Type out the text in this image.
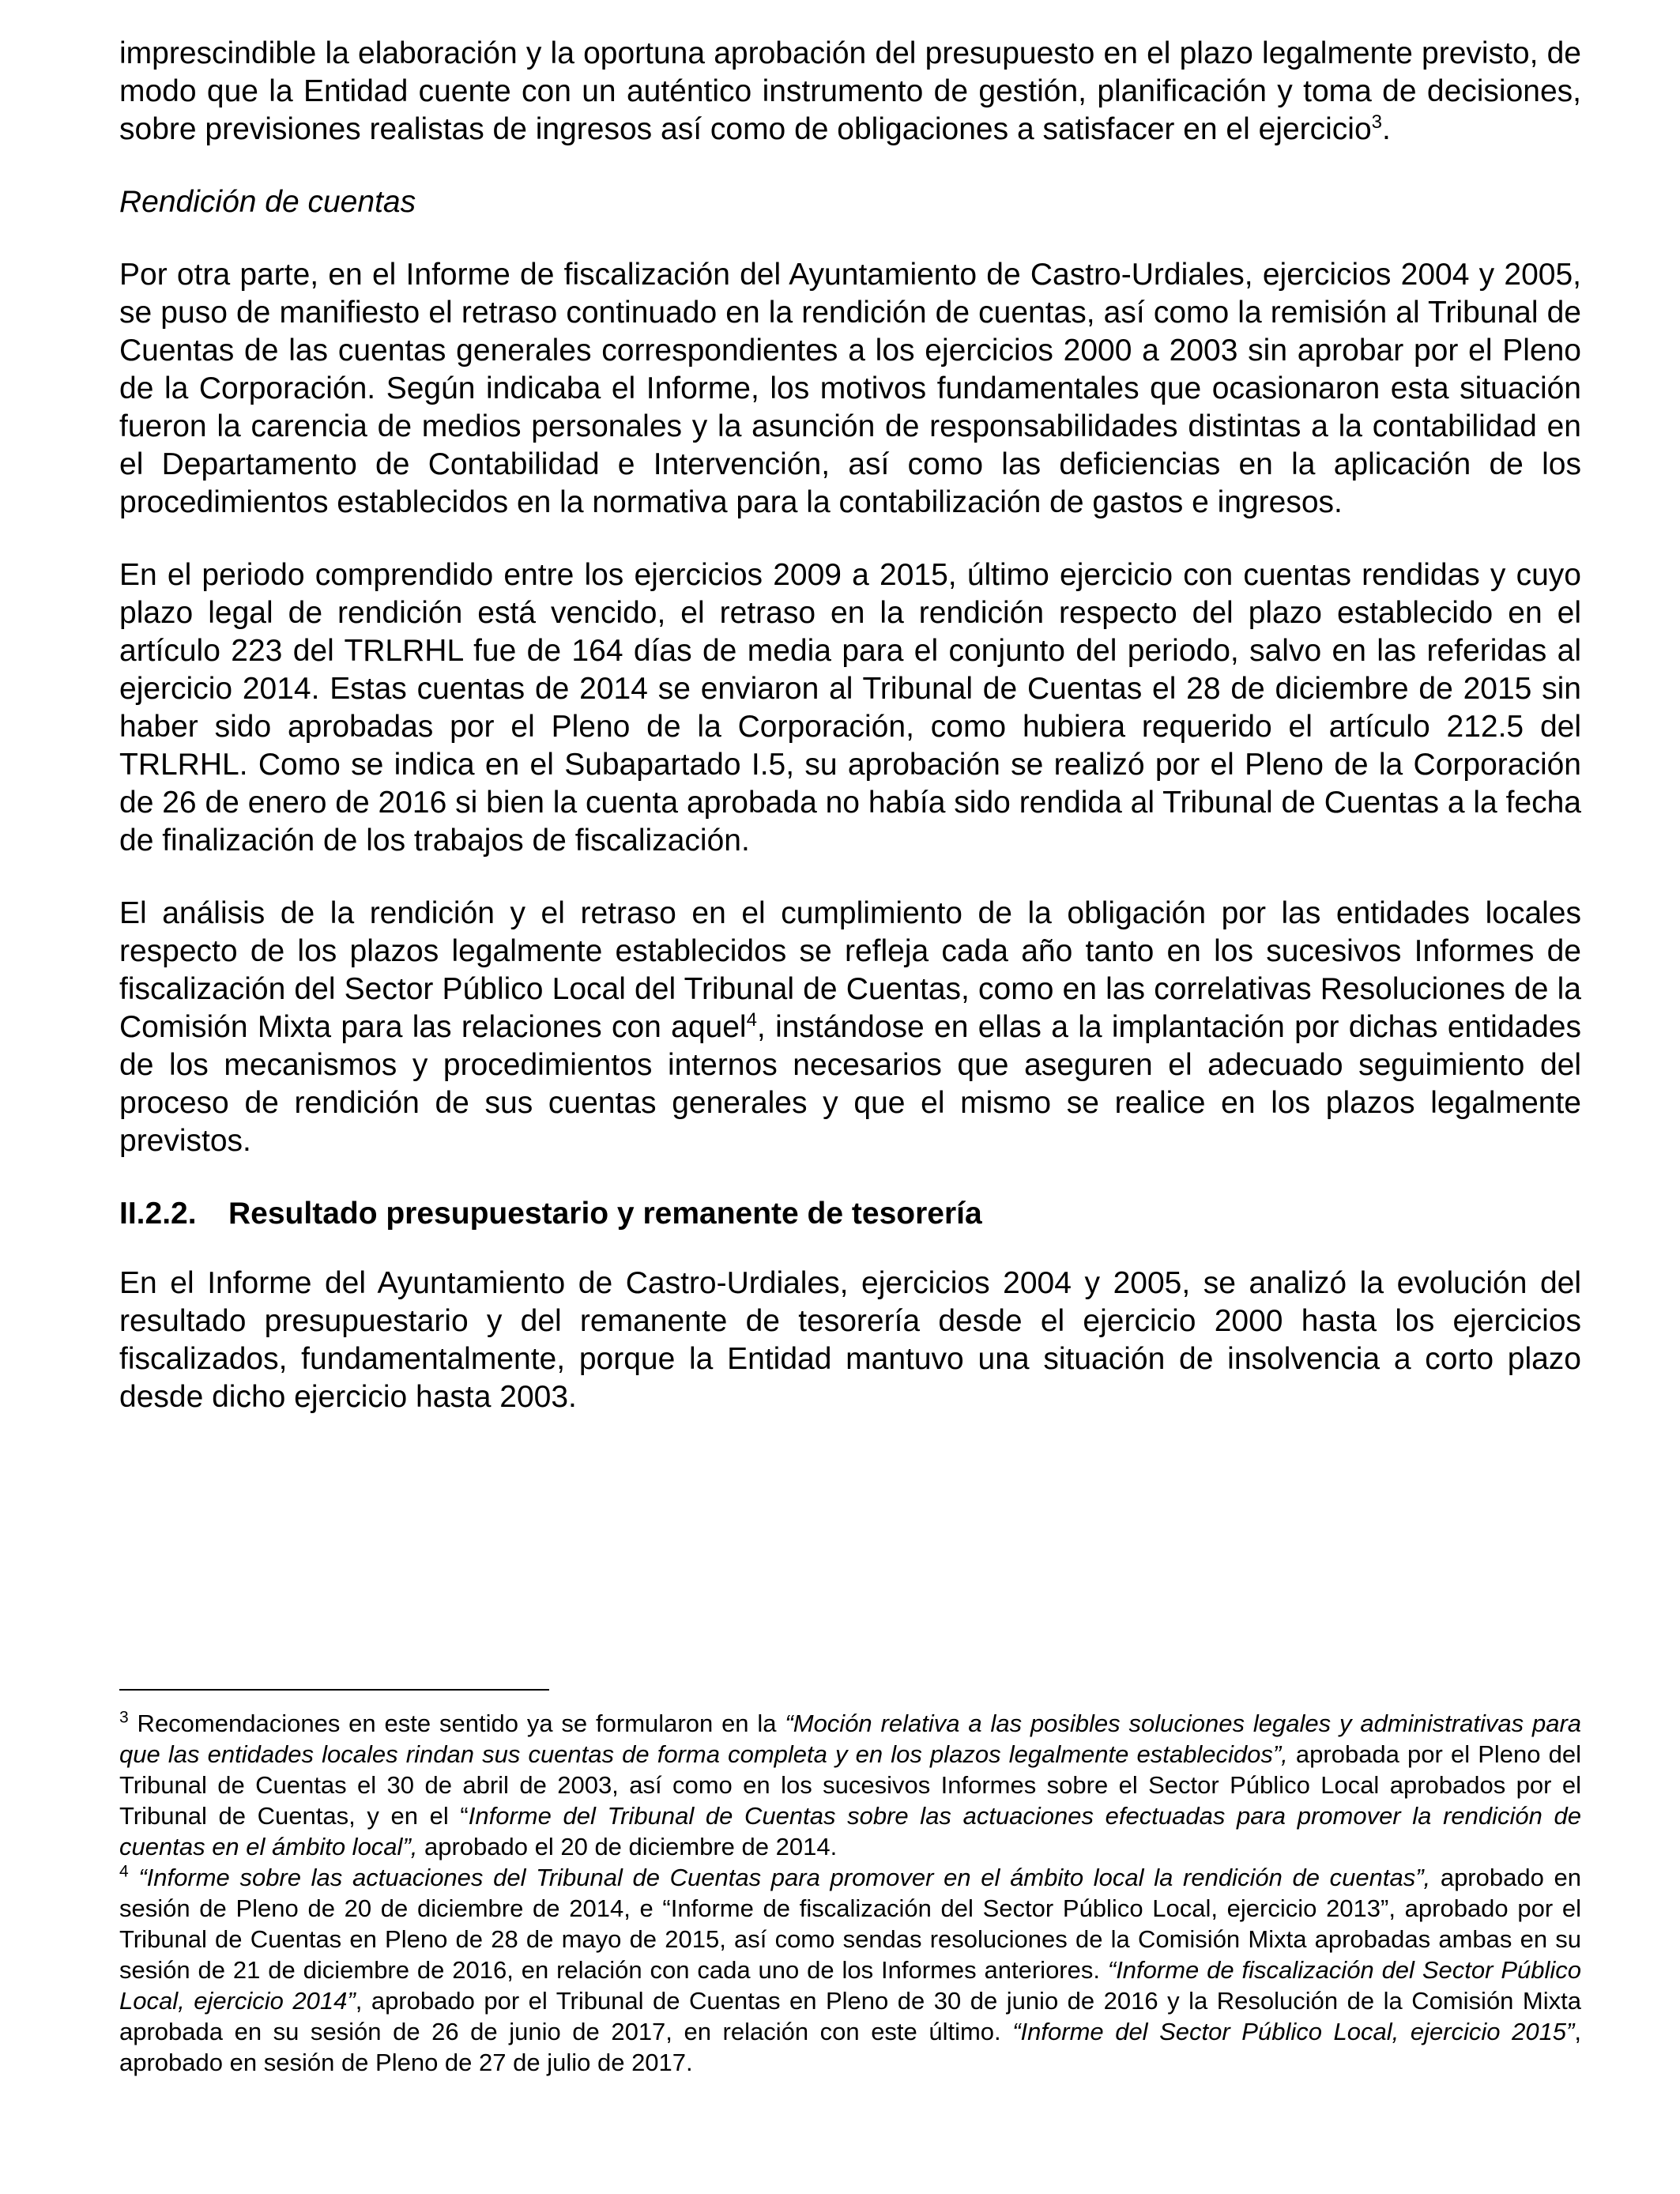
imprescindible la elaboración y la oportuna aprobación del presupuesto en el plazo legalmente previsto, de modo que la Entidad cuente con un auténtico instrumento de gestión, planificación y toma de decisiones, sobre previsiones realistas de ingresos así como de obligaciones a satisfacer en el ejercicio$^3$.

Rendición de cuentas

Por otra parte, en el Informe de fiscalización del Ayuntamiento de Castro-Urdiales, ejercicios 2004 y 2005, se puso de manifiesto el retraso continuado en la rendición de cuentas, así como la remisión al Tribunal de Cuentas de las cuentas generales correspondientes a los ejercicios 2000 a 2003 sin aprobar por el Pleno de la Corporación. Según indicaba el Informe, los motivos fundamentales que ocasionaron esta situación fueron la carencia de medios personales y la asunción de responsabilidades distintas a la contabilidad en el Departamento de Contabilidad e Intervención, así como las deficiencias en la aplicación de los procedimientos establecidos en la normativa para la contabilización de gastos e ingresos.

En el periodo comprendido entre los ejercicios 2009 a 2015, último ejercicio con cuentas rendidas y cuyo plazo legal de rendición está vencido, el retraso en la rendición respecto del plazo establecido en el artículo 223 del TRLRHL fue de 164 días de media para el conjunto del periodo, salvo en las referidas al ejercicio 2014. Estas cuentas de 2014 se enviaron al Tribunal de Cuentas el 28 de diciembre de 2015 sin haber sido aprobadas por el Pleno de la Corporación, como hubiera requerido el artículo 212.5 del TRLRHL. Como se indica en el Subapartado I.5, su aprobación se realizó por el Pleno de la Corporación de 26 de enero de 2016 si bien la cuenta aprobada no había sido rendida al Tribunal de Cuentas a la fecha de finalización de los trabajos de fiscalización.

El análisis de la rendición y el retraso en el cumplimiento de la obligación por las entidades locales respecto de los plazos legalmente establecidos se refleja cada año tanto en los sucesivos Informes de fiscalización del Sector Público Local del Tribunal de Cuentas, como en las correlativas Resoluciones de la Comisión Mixta para las relaciones con aquel$^4$, instándose en ellas a la implantación por dichas entidades de los mecanismos y procedimientos internos necesarios que aseguren el adecuado seguimiento del proceso de rendición de sus cuentas generales y que el mismo se realice en los plazos legalmente previstos.

II.2.2.	Resultado presupuestario y remanente de tesorería

En el Informe del Ayuntamiento de Castro-Urdiales, ejercicios 2004 y 2005, se analizó la evolución del resultado presupuestario y del remanente de tesorería desde el ejercicio 2000 hasta los ejercicios fiscalizados, fundamentalmente, porque la Entidad mantuvo una situación de insolvencia a corto plazo desde dicho ejercicio hasta 2003.

$^3$ Recomendaciones en este sentido ya se formularon en la “Moción relativa a las posibles soluciones legales y administrativas para que las entidades locales rindan sus cuentas de forma completa y en los plazos legalmente establecidos”, aprobada por el Pleno del Tribunal de Cuentas el 30 de abril de 2003, así como en los sucesivos Informes sobre el Sector Público Local aprobados por el Tribunal de Cuentas, y en el “Informe del Tribunal de Cuentas sobre las actuaciones efectuadas para promover la rendición de cuentas en el ámbito local”, aprobado el 20 de diciembre de 2014.

$^4$ “Informe sobre las actuaciones del Tribunal de Cuentas para promover en el ámbito local la rendición de cuentas”, aprobado en sesión de Pleno de 20 de diciembre de 2014, e “Informe de fiscalización del Sector Público Local, ejercicio 2013”, aprobado por el Tribunal de Cuentas en Pleno de 28 de mayo de 2015, así como sendas resoluciones de la Comisión Mixta aprobadas ambas en su sesión de 21 de diciembre de 2016, en relación con cada uno de los Informes anteriores. “Informe de fiscalización del Sector Público Local, ejercicio 2014”, aprobado por el Tribunal de Cuentas en Pleno de 30 de junio de 2016 y la Resolución de la Comisión Mixta aprobada en su sesión de 26 de junio de 2017, en relación con este último. “Informe del Sector Público Local, ejercicio 2015”, aprobado en sesión de Pleno de 27 de julio de 2017.
